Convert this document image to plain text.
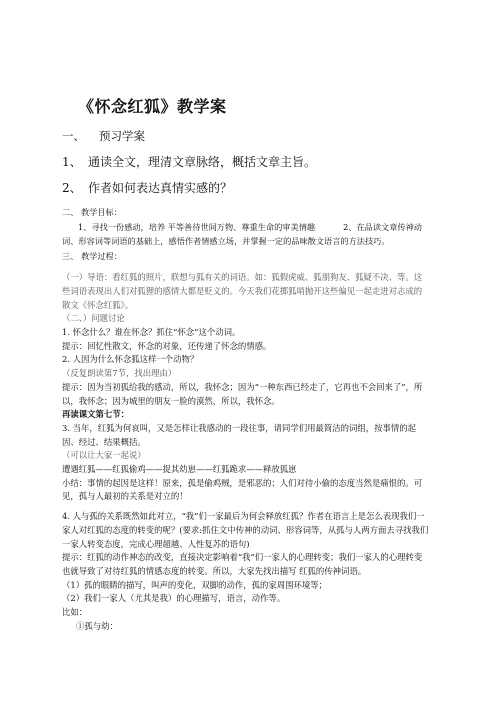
《怀念红狐》教学案
一、 预习学案
1、 通读全文，理清文章脉络，概括文章主旨。
2、 作者如何表达真情实感的？
二、 教学目标：
1、寻找一份感动，培养 平等善待世间万物、尊重生命的审美情趣	2、在品读文章传神动词、形容词等词语的基础上，感悟作者情感立场，并掌握一定的品味散文语言的方法技巧。
三、 教学过程：

（一）导语：看红狐的照片，联想与狐有关的词语。如：狐假虎威、狐朋狗友、狐疑不决、等。这些词语表现出人们对狐狸的感情大都是贬义的。今天我们花掷狐哨抛开这些偏见一起走进对志成的散文《怀念红狐》。

（二、）问题讨论

1. 怀念什么？谁在怀念？抓住“怀念”这个动词。

提示：回忆性散文，怀念的对象，还传递了怀念的情感。

2. 人因为什么怀念狐这样一个动物？

（反复朗读第7节，找出理由）

提示：因为当初狐给我的感动，所以，我怀念；因为“一种东西已经走了，它再也不会回来了”，所以，我怀念；因为城里的朋友一脸的漠然，所以，我怀念。

再读课文第七节：

3. 当年，红狐为何哀叫，又是怎样让我感动的一段往事，请同学们用最简洁的词组，按事情的起因、经过、结果概括。

（可以让大家一起说）

遭遇红狐——红狐偷鸡——捉其幼崽——红狐跪求——释放狐崽

小结：事情的起因是这样！原来，孤是偷鸡贼，是邪恶的；人们对待小偷的态度当然是痛恨的。可见，孤与人最初的关系是对立的！

4. 人与孤的关系既然如此对立，“我”们一家最后为何会释放红狐？作者在语言上是怎么表现我们一家人对红狐的态度的转变的呢？(要求:抓住文中传神的动词、形容词等，从孤与人两方面去寻找我们一家人转变态度，完成心理超越、人性复苏的语句)

提示：红狐的动作神态的改变，直接决定影响着“我”们一家人的心理转变；我们一家人的心理转变也就导致了对待红狐的情感态度的转变。所以，大家先找出描写 红狐的传神词语。

（1）孤的眼睛的描写，叫声的变化，双脚的动作，孤的家周围环境等；

（2）我们一家人（尤其是我）的心理描写，语言，动作等。

比如：

①孤与幼：
